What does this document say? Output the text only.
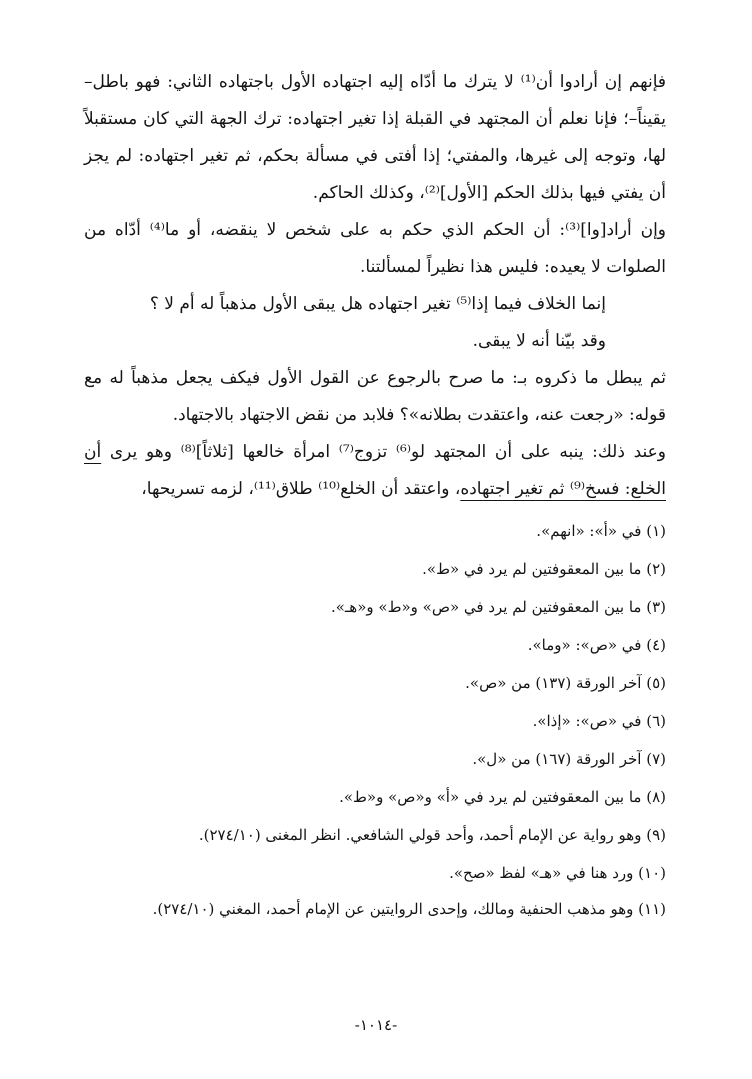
فإنهم إن أرادوا أن⁽¹⁾ لا يترك ما أدّاه إليه اجتهاده الأول باجتهاده الثاني: فهو باطل– يقيناً–؛ فإنا نعلم أن المجتهد في القبلة إذا تغير اجتهاده: ترك الجهة التي كان مستقبلاً لها، وتوجه إلى غيرها، والمفتي؛ إذا أفتى في مسألة بحكم، ثم تغير اجتهاده: لم يجز أن يفتي فيها بذلك الحكم [الأول]⁽²⁾، وكذلك الحاكم.

وإن أراد[وا]⁽³⁾: أن الحكم الذي حكم به على شخص لا ينقضه، أو ما⁽⁴⁾ أدّاه من الصلوات لا يعيده: فليس هذا نظيراً لمسألتنا.

إنما الخلاف فيما إذا⁽⁵⁾ تغير اجتهاده هل يبقى الأول مذهباً له أم لا ؟

وقد بيّنا أنه لا يبقى.

ثم يبطل ما ذكروه بـ: ما صرح بالرجوع عن القول الأول فيكف يجعل مذهباً له مع قوله: «رجعت عنه، واعتقدت بطلانه»؟ فلابد من نقض الاجتهاد بالاجتهاد.

وعند ذلك: ينبه على أن المجتهد لو⁽⁶⁾ تزوج⁽⁷⁾ امرأة خالعها [ثلاثاً]⁽⁸⁾ وهو يرى أن الخلع: فسخ⁽⁹⁾ ثم تغير اجتهاده، واعتقد أن الخلع⁽¹⁰⁾ طلاق⁽¹¹⁾، لزمه تسريحها،

(١) في «أ»: «انهم».

(٢) ما بين المعقوفتين لم يرد في «ط».

(٣) ما بين المعقوفتين لم يرد في «ص» و«ط» و«هـ».

(٤) في «ص»: «وما».

(٥) آخر الورقة (١٣٧) من «ص».

(٦) في «ص»: «إذا».

(٧) آخر الورقة (١٦٧) من «ل».

(٨) ما بين المعقوفتين لم يرد في «أ» و«ص» و«ط».

(٩) وهو رواية عن الإمام أحمد، وأحد قولي الشافعي. انظر المغنى (٢٧٤/١٠).

(١٠) ورد هنا في «هـ» لفظ «صح».

(١١) وهو مذهب الحنفية ومالك، وإحدى الروايتين عن الإمام أحمد، المغني (٢٧٤/١٠).

-١٠١٤-
